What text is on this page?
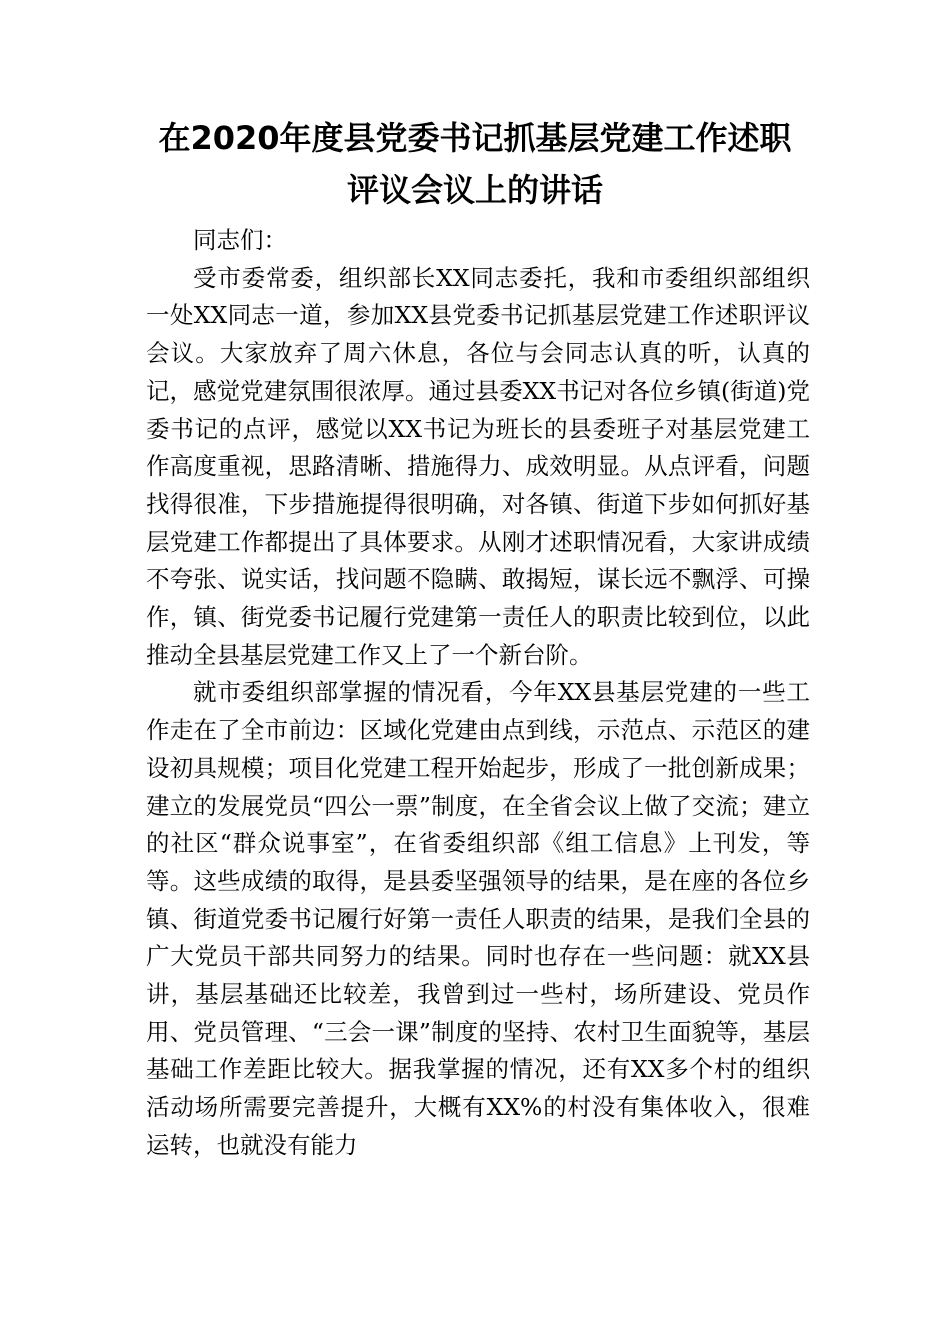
在2020年度县党委书记抓基层党建工作述职
评议会议上的讲话

同志们：

受市委常委，组织部长XX同志委托，我和市委组织部组织一处XX同志一道，参加XX县党委书记抓基层党建工作述职评议会议。大家放弃了周六休息，各位与会同志认真的听，认真的记，感觉党建氛围很浓厚。通过县委XX书记对各位乡镇(街道)党委书记的点评，感觉以XX书记为班长的县委班子对基层党建工作高度重视，思路清晰、措施得力、成效明显。从点评看，问题找得很准，下步措施提得很明确，对各镇、街道下步如何抓好基层党建工作都提出了具体要求。从刚才述职情况看，大家讲成绩不夸张、说实话，找问题不隐瞒、敢揭短，谋长远不飘浮、可操作，镇、街党委书记履行党建第一责任人的职责比较到位，以此推动全县基层党建工作又上了一个新台阶。

就市委组织部掌握的情况看，今年XX县基层党建的一些工作走在了全市前边：区域化党建由点到线，示范点、示范区的建设初具规模；项目化党建工程开始起步，形成了一批创新成果；建立的发展党员“四公一票”制度，在全省会议上做了交流；建立的社区“群众说事室”，在省委组织部《组工信息》上刊发，等等。这些成绩的取得，是县委坚强领导的结果，是在座的各位乡镇、街道党委书记履行好第一责任人职责的结果，是我们全县的广大党员干部共同努力的结果。同时也存在一些问题：就XX县讲，基层基础还比较差，我曾到过一些村，场所建设、党员作用、党员管理、“三会一课”制度的坚持、农村卫生面貌等，基层基础工作差距比较大。据我掌握的情况，还有XX多个村的组织活动场所需要完善提升，大概有XX%的村没有集体收入，很难运转，也就没有能力
